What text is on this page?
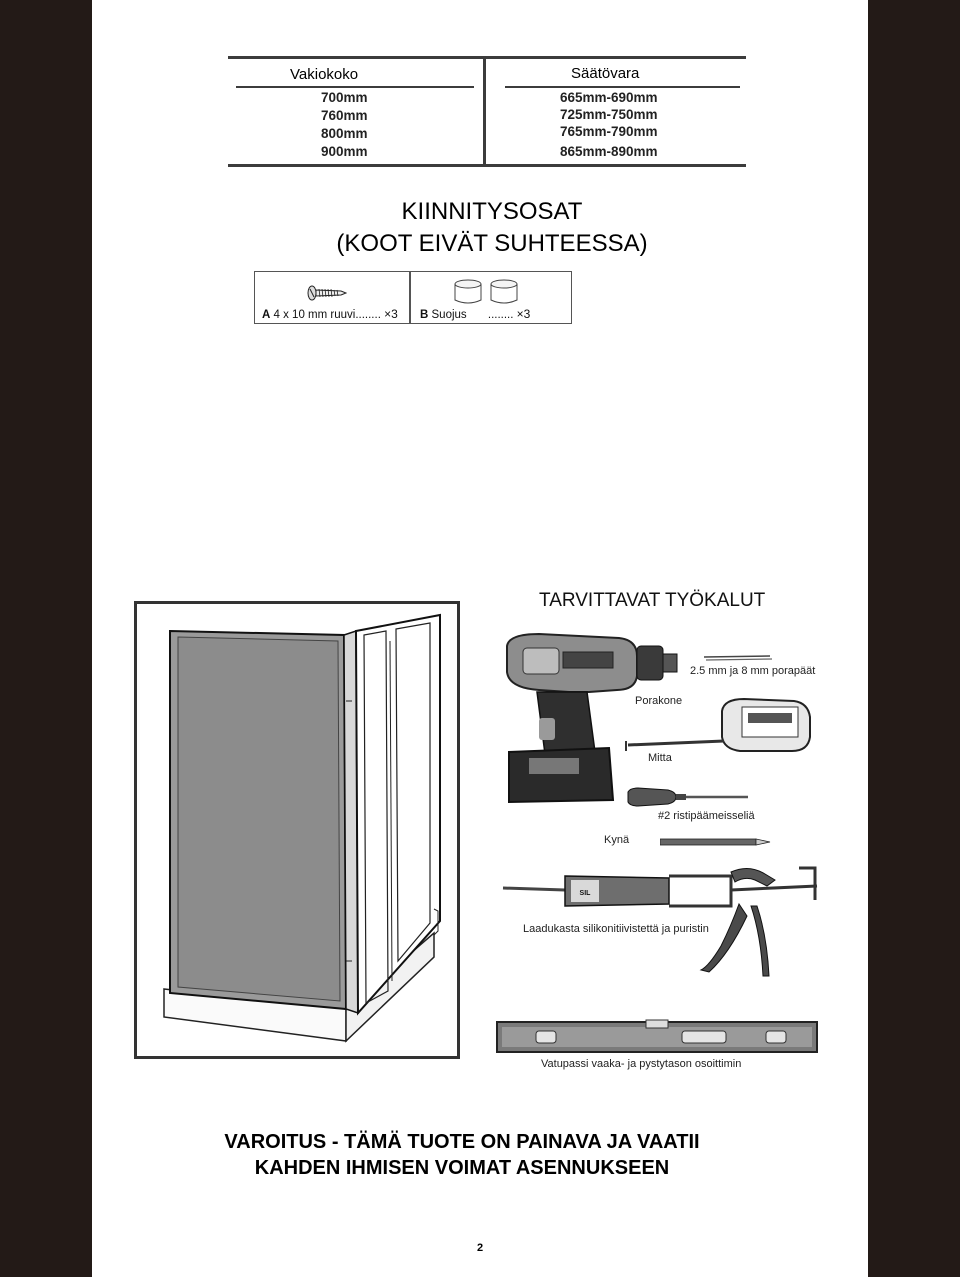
Vakiokoko	Säätövara
700mm
760mm
800mm
900mm
665mm-690mm
725mm-750mm
765mm-790mm
865mm-890mm
KIINNITYSOSAT
(KOOT EIVÄT SUHTEESSA)
A 4 x 10 mm ruuvi........ ×3 B Suojus ........ ×3
TARVITTAVAT TYÖKALUT
2.5 mm ja 8 mm porapäät
Porakone
Mitta
#2 ristipäämeisseliä
Kynä
SIL
Laadukasta silikonitiivistettä ja puristin
Vatupassi vaaka- ja pystytason osoittimin
VAROITUS - TÄMÄ TUOTE ON PAINAVA JA VAATII
KAHDEN IHMISEN VOIMAT ASENNUKSEEN
2
